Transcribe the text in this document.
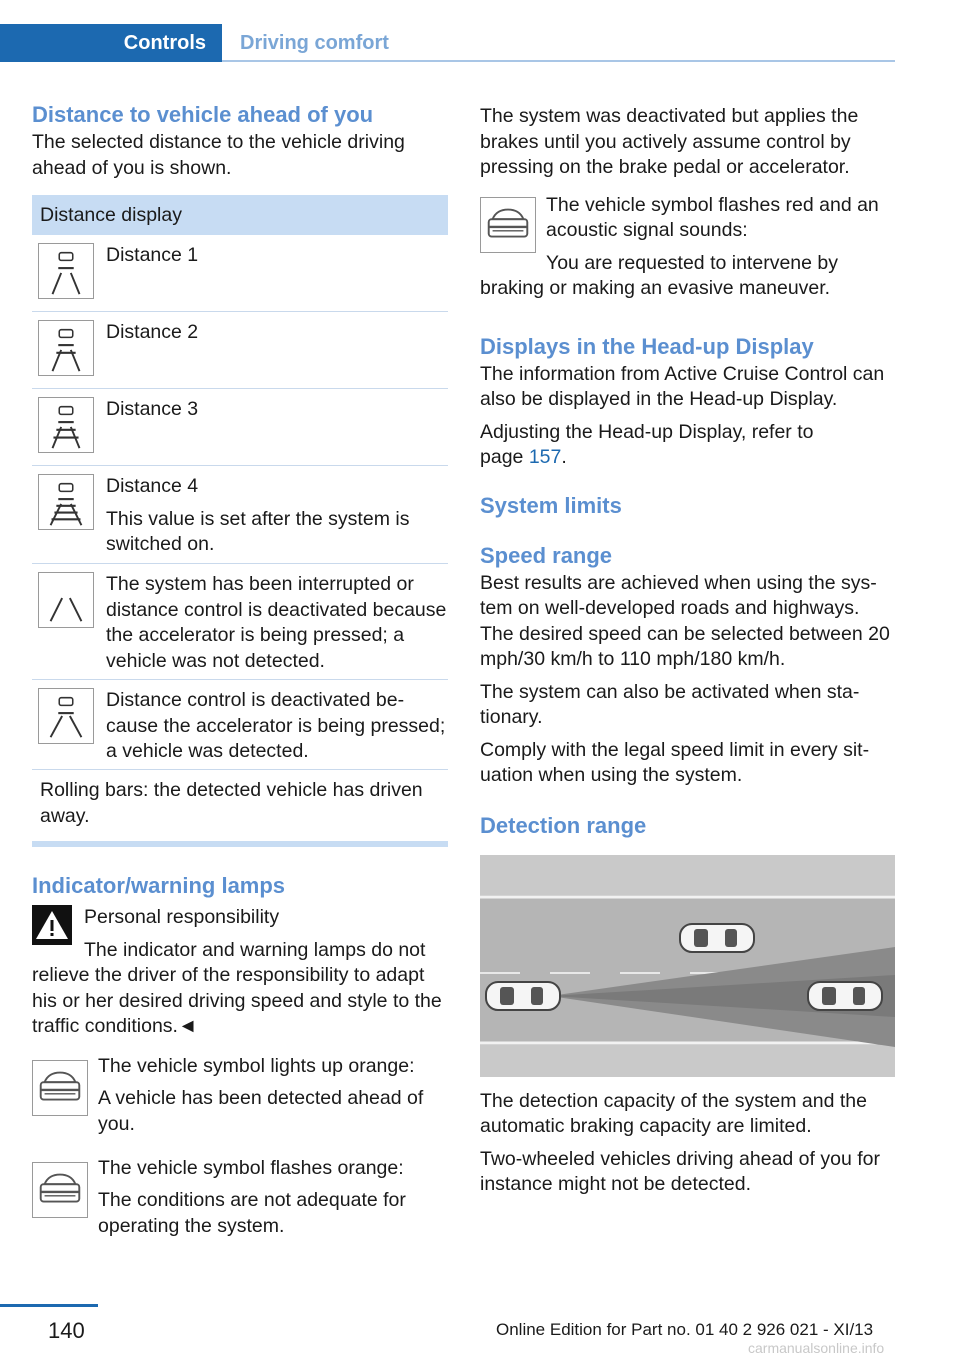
Controls Driving comfort
Distance to vehicle ahead of you

The selected distance to the vehicle driving ahead of you is shown.

Distance display

Distance 1

Distance 2

Distance 3

Distance 4

This value is set after the system is switched on.

The system has been interrupted or distance control is deactivated because the accelerator is being pressed; a vehicle was not detected.

Distance control is deactivated because the accelerator is being pressed; a vehicle was detected.

Rolling bars: the detected vehicle has driven away.

Indicator/warning lamps

Personal responsibility

The indicator and warning lamps do not

relieve the driver of the responsibility to adapt his or her desired driving speed and style to the traffic conditions.◄

The vehicle symbol lights up orange:

A vehicle has been detected ahead of you.

The vehicle symbol flashes orange:

The conditions are not adequate for operating the system.

The system was deactivated but applies the brakes until you actively assume control by pressing on the brake pedal or accelerator.

The vehicle symbol flashes red and an acoustic signal sounds:

You are requested to intervene by

braking or making an evasive maneuver.

Displays in the Head-up Display

The information from Active Cruise Control can also be displayed in the Head-up Display.

Adjusting the Head-up Display, refer to

page 157.

System limits
Speed range

Best results are achieved when using the system on well-developed roads and highways. The desired speed can be selected between 20 mph/30 km/h to 110 mph/180 km/h.

The system can also be activated when stationary.

Comply with the legal speed limit in every situation when using the system.

Detection range

The detection capacity of the system and the automatic braking capacity are limited.

Two-wheeled vehicles driving ahead of you for instance might not be detected.

140	Online Edition for Part no. 01 40 2 926 021 - XI/13
carmanualsonline.info
